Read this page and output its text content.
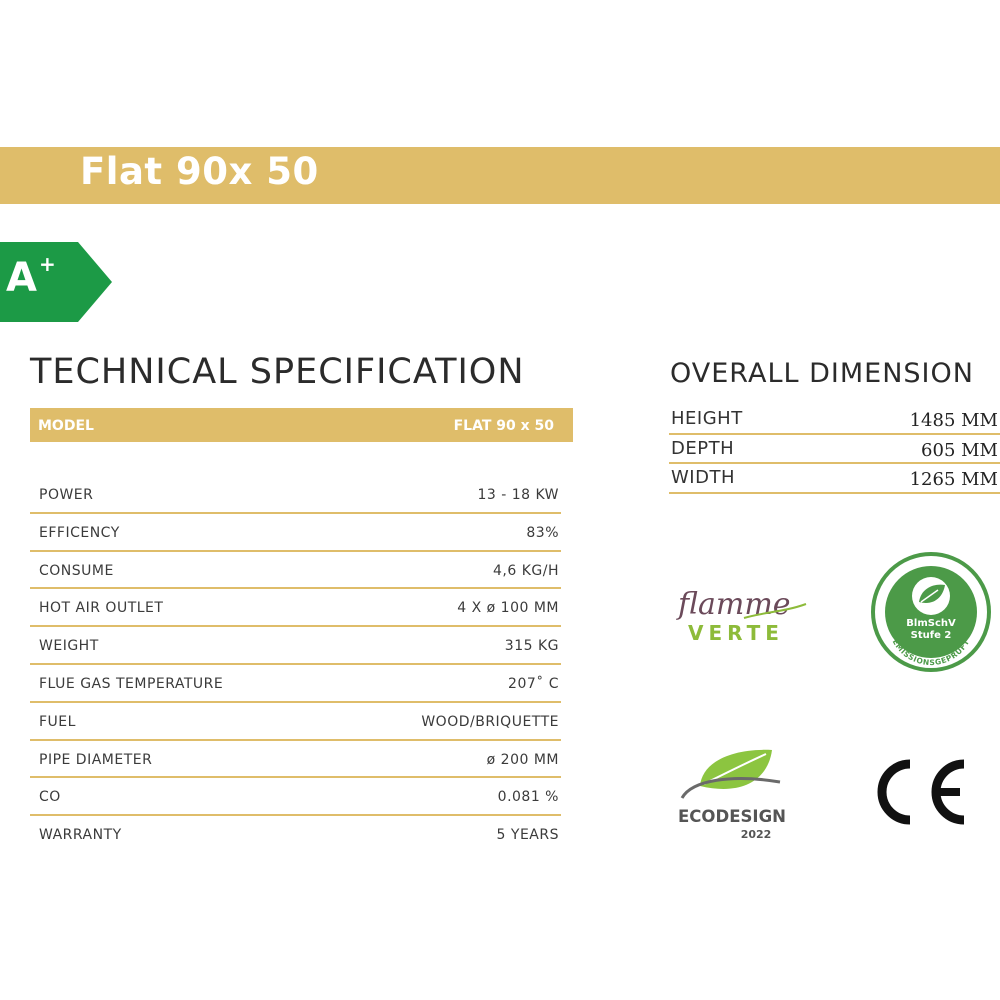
Flat 90x 50
A +
TECHNICAL SPECIFICATION
MODEL	FLAT 90 x 50
POWER	13 - 18 KW
EFFICENCY	83%
CONSUME	4,6 KG/H
HOT AIR OUTLET	4 X ø 100 MM
WEIGHT	315 KG
FLUE GAS TEMPERATURE	207˚ C
FUEL	WOOD/BRIQUETTE
PIPE DIAMETER	ø 200 MM
CO	0.081 %
WARRANTY	5 YEARS
OVERALL DIMENSION
HEIGHT	1485 MM
DEPTH	605 MM
WIDTH	1265 MM
flamme
VERTE	BlmSchV
Stufe 2
EMISSIONSGEPRÜFT
ECODESIGN
2022
